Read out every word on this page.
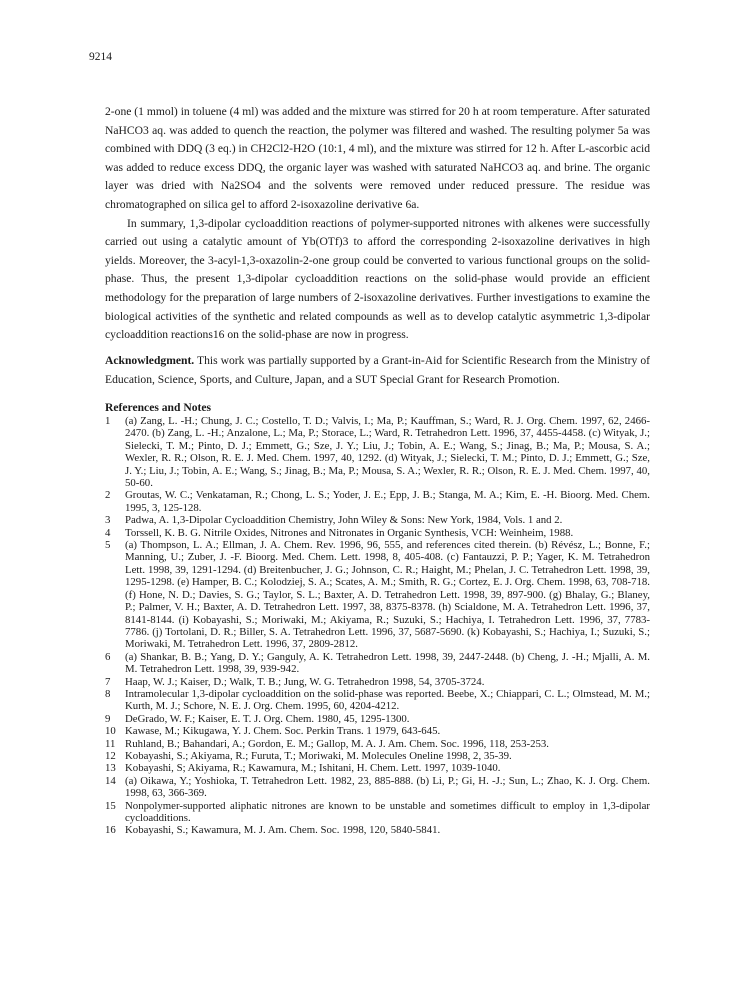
9214

2-one (1 mmol) in toluene (4 ml) was added and the mixture was stirred for 20 h at room temperature. After saturated NaHCO3 aq. was added to quench the reaction, the polymer was filtered and washed. The resulting polymer 5a was combined with DDQ (3 eq.) in CH2Cl2-H2O (10:1, 4 ml), and the mixture was stirred for 12 h. After L-ascorbic acid was added to reduce excess DDQ, the organic layer was washed with saturated NaHCO3 aq. and brine. The organic layer was dried with Na2SO4 and the solvents were removed under reduced pressure. The residue was chromatographed on silica gel to afford 2-isoxazoline derivative 6a.

In summary, 1,3-dipolar cycloaddition reactions of polymer-supported nitrones with alkenes were successfully carried out using a catalytic amount of Yb(OTf)3 to afford the corresponding 2-isoxazoline derivatives in high yields. Moreover, the 3-acyl-1,3-oxazolin-2-one group could be converted to various functional groups on the solid-phase. Thus, the present 1,3-dipolar cycloaddition reactions on the solid-phase would provide an efficient methodology for the preparation of large numbers of 2-isoxazoline derivatives. Further investigations to examine the biological activities of the synthetic and related compounds as well as to develop catalytic asymmetric 1,3-dipolar cycloaddition reactions16 on the solid-phase are now in progress.

Acknowledgment. This work was partially supported by a Grant-in-Aid for Scientific Research from the Ministry of Education, Science, Sports, and Culture, Japan, and a SUT Special Grant for Research Promotion.

References and Notes

1 (a) Zang, L. -H.; Chung, J. C.; Costello, T. D.; Valvis, I.; Ma, P.; Kauffman, S.; Ward, R. J. Org. Chem. 1997, 62, 2466-2470. (b) Zang, L. -H.; Anzalone, L.; Ma, P.; Storace, L.; Ward, R. Tetrahedron Lett. 1996, 37, 4455-4458. (c) Wityak, J.; Sielecki, T. M.; Pinto, D. J.; Emmett, G.; Sze, J. Y.; Liu, J.; Tobin, A. E.; Wang, S.; Jinag, B.; Ma, P.; Mousa, S. A.; Wexler, R. R.; Olson, R. E. J. Med. Chem. 1997, 40, 1292. (d) Wityak, J.; Sielecki, T. M.; Pinto, D. J.; Emmett, G.; Sze, J. Y.; Liu, J.; Tobin, A. E.; Wang, S.; Jinag, B.; Ma, P.; Mousa, S. A.; Wexler, R. R.; Olson, R. E. J. Med. Chem. 1997, 40, 50-60.
2 Groutas, W. C.; Venkataman, R.; Chong, L. S.; Yoder, J. E.; Epp, J. B.; Stanga, M. A.; Kim, E. -H. Bioorg. Med. Chem. 1995, 3, 125-128.
3 Padwa, A. 1,3-Dipolar Cycloaddition Chemistry, John Wiley & Sons: New York, 1984, Vols. 1 and 2.
4 Torssell, K. B. G. Nitrile Oxides, Nitrones and Nitronates in Organic Synthesis, VCH: Weinheim, 1988.
5 (a) Thompson, L. A.; Ellman, J. A. Chem. Rev. 1996, 96, 555, and references cited therein. (b) Révész, L.; Bonne, F.; Manning, U.; Zuber, J. -F. Bioorg. Med. Chem. Lett. 1998, 8, 405-408. (c) Fantauzzi, P. P.; Yager, K. M. Tetrahedron Lett. 1998, 39, 1291-1294. (d) Breitenbucher, J. G.; Johnson, C. R.; Haight, M.; Phelan, J. C. Tetrahedron Lett. 1998, 39, 1295-1298. (e) Hamper, B. C.; Kolodziej, S. A.; Scates, A. M.; Smith, R. G.; Cortez, E. J. Org. Chem. 1998, 63, 708-718. (f) Hone, N. D.; Davies, S. G.; Taylor, S. L.; Baxter, A. D. Tetrahedron Lett. 1998, 39, 897-900. (g) Bhalay, G.; Blaney, P.; Palmer, V. H.; Baxter, A. D. Tetrahedron Lett. 1997, 38, 8375-8378. (h) Scialdone, M. A. Tetrahedron Lett. 1996, 37, 8141-8144. (i) Kobayashi, S.; Moriwaki, M.; Akiyama, R.; Suzuki, S.; Hachiya, I. Tetrahedron Lett. 1996, 37, 7783-7786. (j) Tortolani, D. R.; Biller, S. A. Tetrahedron Lett. 1996, 37, 5687-5690. (k) Kobayashi, S.; Hachiya, I.; Suzuki, S.; Moriwaki, M. Tetrahedron Lett. 1996, 37, 2809-2812.
6 (a) Shankar, B. B.; Yang, D. Y.; Ganguly, A. K. Tetrahedron Lett. 1998, 39, 2447-2448. (b) Cheng, J. -H.; Mjalli, A. M. M. Tetrahedron Lett. 1998, 39, 939-942.
7 Haap, W. J.; Kaiser, D.; Walk, T. B.; Jung, W. G. Tetrahedron 1998, 54, 3705-3724.
8 Intramolecular 1,3-dipolar cycloaddition on the solid-phase was reported. Beebe, X.; Chiappari, C. L.; Olmstead, M. M.; Kurth, M. J.; Schore, N. E. J. Org. Chem. 1995, 60, 4204-4212.
9 DeGrado, W. F.; Kaiser, E. T. J. Org. Chem. 1980, 45, 1295-1300.
10 Kawase, M.; Kikugawa, Y. J. Chem. Soc. Perkin Trans. 1 1979, 643-645.
11 Ruhland, B.; Bahandari, A.; Gordon, E. M.; Gallop, M. A. J. Am. Chem. Soc. 1996, 118, 253-253.
12 Kobayashi, S.; Akiyama, R.; Furuta, T.; Moriwaki, M. Molecules Oneline 1998, 2, 35-39.
13 Kobayashi, S; Akiyama, R.; Kawamura, M.; Ishitani, H. Chem. Lett. 1997, 1039-1040.
14 (a) Oikawa, Y.; Yoshioka, T. Tetrahedron Lett. 1982, 23, 885-888. (b) Li, P.; Gi, H. -J.; Sun, L.; Zhao, K. J. Org. Chem. 1998, 63, 366-369.
15 Nonpolymer-supported aliphatic nitrones are known to be unstable and sometimes difficult to employ in 1,3-dipolar cycloadditions.
16 Kobayashi, S.; Kawamura, M. J. Am. Chem. Soc. 1998, 120, 5840-5841.
